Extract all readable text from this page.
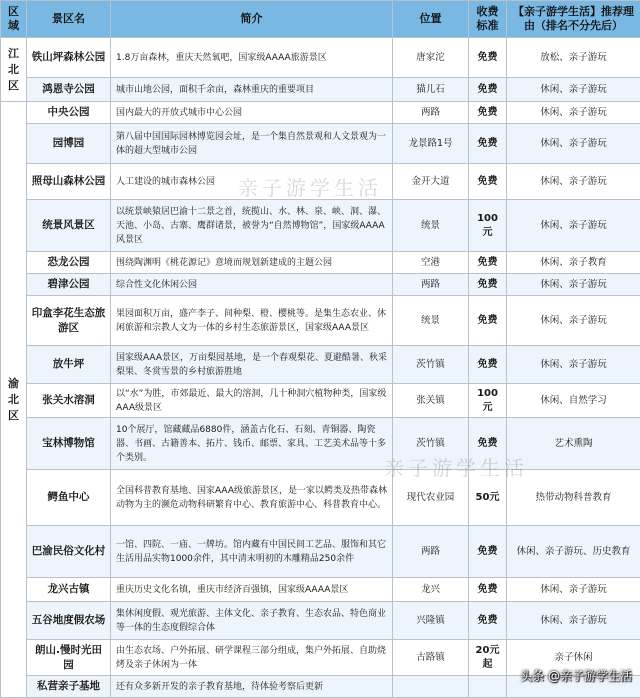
区域	景区名	简介	位置	收费标准	【亲子游学生活】推荐理由（排名不分先后）
江北区	铁山坪森林公园	1.8万亩森林，重庆天然氧吧，国家级AAAA旅游景区	唐家沱	免费	放松、亲子游玩
	鸿恩寺公园	城市山地公园，面积千余亩，森林重庆的重要项目	猫儿石	免费	休闲、亲子游玩
渝北区	中央公园	国内最大的开放式城市中心公园	两路	免费	休闲、亲子游玩
	园博园	第八届中国国际园林博览园会址，是一个集自然景观和人文景观为一体的超大型城市公园	龙景路1号	免费	休闲、亲子游玩
	照母山森林公园	人工建设的城市森林公园	金开大道	免费	休闲、亲子游玩
	统景风景区	以统景峡猿居巴渝十二景之首，统揽山、水、林、泉、峡、洞、瀑、天池、小岛、古寨、鹰群诸景，被誉为“自然博物馆”，国家级AAAA风景区	统景	100元	休闲、亲子游玩
	恐龙公园	围绕陶渊明《桃花源记》意境而规划新建成的主题公园	空港	免费	休闲、亲子教育
	碧津公园	综合性文化休闲公园	两路	免费	休闲、亲子游玩
	印盒李花生态旅游区	果园面积万亩，盛产李子、间种梨、橙、樱桃等。是集生态农业、休闲旅游和宗教人文为一体的乡村生态旅游景区，国家级AAA景区	统景	免费	休闲、亲子游玩
	放牛坪	国家级AAA景区，万亩梨园基地，是一个春观梨花、夏避酷暑、秋采梨果、冬赏雪景的乡村旅游胜地	茨竹镇	免费	休闲、亲子游玩
	张关水溶洞	以“水”为胜，市郊最近、最大的溶洞，几十种洞穴植物种类，国家级AAA级景区	张关镇	100元	休闲、自然学习
	宝林博物馆	10个展厅，馆藏藏品6880件，涵盖古化石、石刻、青铜器、陶瓷器、书画、古籍善本、拓片、钱币、邮票、家具、工艺美术品等十多个类别。	茨竹镇	免费	艺术熏陶
	鳄鱼中心	全国科普教育基地、国家AAA级旅游景区，是一家以鳄类及热带森林动物为主的濒危动物科研繁育中心、教育旅游中心、科普教育中心。	现代农业园	50元	热带动物科普教育
	巴渝民俗文化村	一馆、四院、一庙、一牌坊。馆内藏有中国民间工艺品、服饰和其它生活用品实物1000余件，其中清末明初的木雕精品250余件	两路	免费	休闲、亲子游玩、历史教育
	龙兴古镇	重庆历史文化名镇，重庆市经济百强镇，国家级AAAA景区	龙兴	免费	休闲、亲子游玩
	五谷地度假农场	集休闲度假、观光旅游、主体文化、亲子教育、生态农品、特色商业等一体的生态度假综合体	兴隆镇	免费	休闲、亲子游玩
	朗山.慢时光田园	由生态农场、户外拓展、研学课程三部分组成，集户外拓展、自助烧烤及亲子休闲为一体	古路镇	20元起	亲子休闲
	私营亲子基地	还有众多新开发的亲子教育基地，待体验考察后更新			
亲子游学生活
亲子游学生活
头条 @亲子游学生活
